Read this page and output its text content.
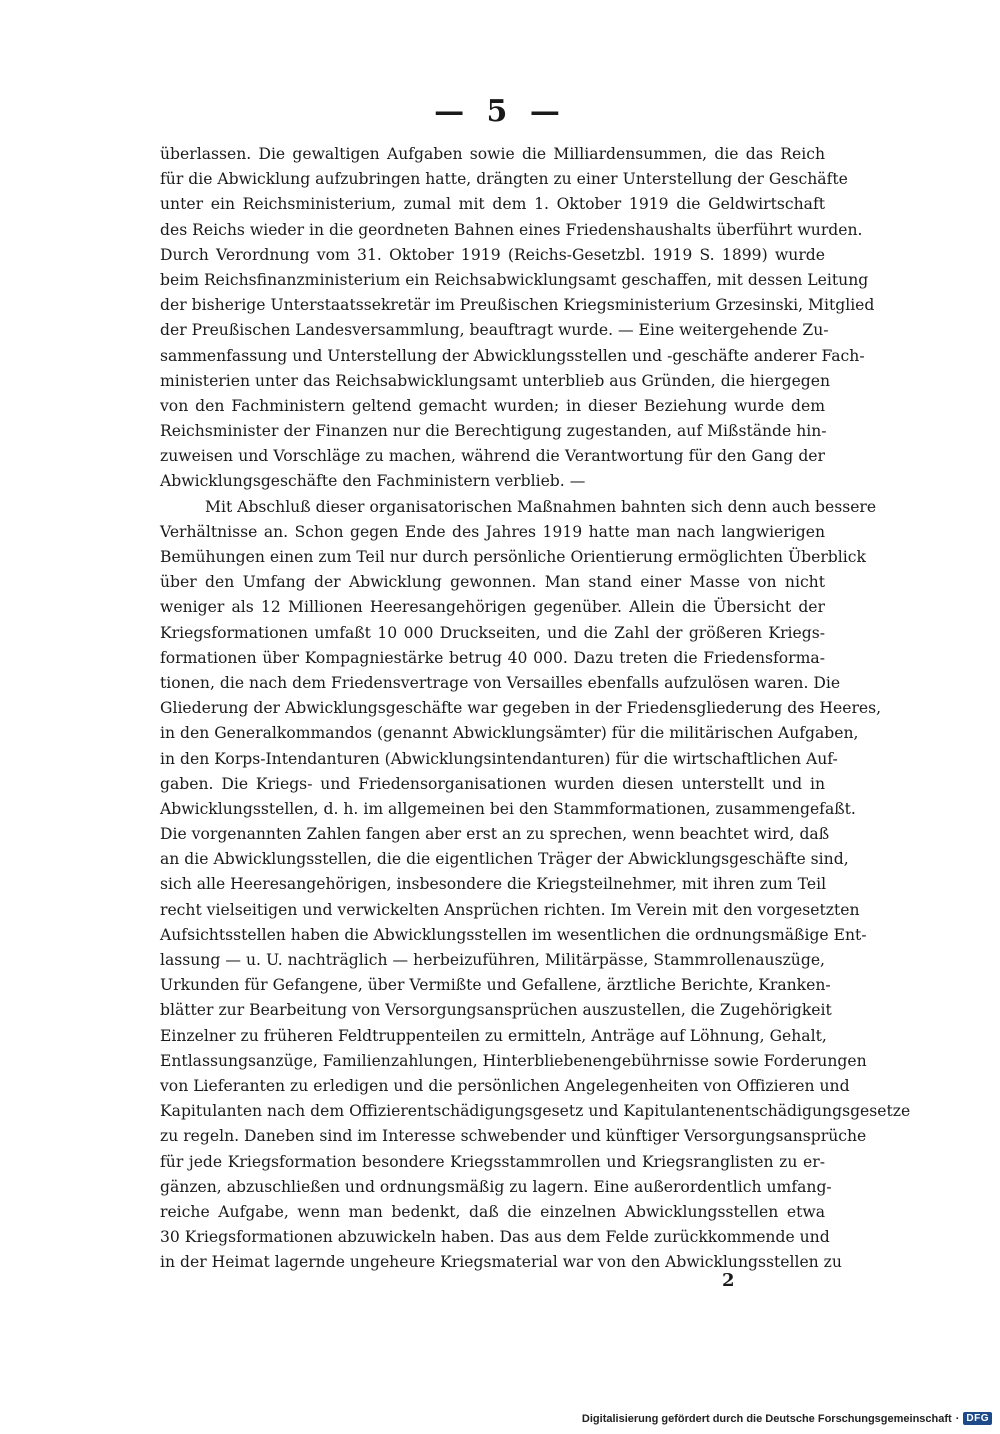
— 5 —
überlassen. Die gewaltigen Aufgaben sowie die Milliardensummen, die das Reich
für die Abwicklung aufzubringen hatte, drängten zu einer Unterstellung der Geschäfte
unter ein Reichsministerium, zumal mit dem 1. Oktober 1919 die Geldwirtschaft
des Reichs wieder in die geordneten Bahnen eines Friedenshaushalts überführt wurden.
Durch Verordnung vom 31. Oktober 1919 (Reichs-Gesetzbl. 1919 S. 1899) wurde
beim Reichsfinanzministerium ein Reichsabwicklungsamt geschaffen, mit dessen Leitung
der bisherige Unterstaatssekretär im Preußischen Kriegsministerium Grzesinski, Mitglied
der Preußischen Landesversammlung, beauftragt wurde. — Eine weitergehende Zu-
sammenfassung und Unterstellung der Abwicklungsstellen und -geschäfte anderer Fach-
ministerien unter das Reichsabwicklungsamt unterblieb aus Gründen, die hiergegen
von den Fachministern geltend gemacht wurden; in dieser Beziehung wurde dem
Reichsminister der Finanzen nur die Berechtigung zugestanden, auf Mißstände hin-
zuweisen und Vorschläge zu machen, während die Verantwortung für den Gang der
Abwicklungsgeschäfte den Fachministern verblieb. —
Mit Abschluß dieser organisatorischen Maßnahmen bahnten sich denn auch bessere
Verhältnisse an. Schon gegen Ende des Jahres 1919 hatte man nach langwierigen
Bemühungen einen zum Teil nur durch persönliche Orientierung ermöglichten Überblick
über den Umfang der Abwicklung gewonnen. Man stand einer Masse von nicht
weniger als 12 Millionen Heeresangehörigen gegenüber. Allein die Übersicht der
Kriegsformationen umfaßt 10 000 Druckseiten, und die Zahl der größeren Kriegs-
formationen über Kompagniestärke betrug 40 000. Dazu treten die Friedensforma-
tionen, die nach dem Friedensvertrage von Versailles ebenfalls aufzulösen waren. Die
Gliederung der Abwicklungsgeschäfte war gegeben in der Friedensgliederung des Heeres,
in den Generalkommandos (genannt Abwicklungsämter) für die militärischen Aufgaben,
in den Korps-Intendanturen (Abwicklungsintendanturen) für die wirtschaftlichen Auf-
gaben. Die Kriegs- und Friedensorganisationen wurden diesen unterstellt und in
Abwicklungsstellen, d. h. im allgemeinen bei den Stammformationen, zusammengefaßt.
Die vorgenannten Zahlen fangen aber erst an zu sprechen, wenn beachtet wird, daß
an die Abwicklungsstellen, die die eigentlichen Träger der Abwicklungsgeschäfte sind,
sich alle Heeresangehörigen, insbesondere die Kriegsteilnehmer, mit ihren zum Teil
recht vielseitigen und verwickelten Ansprüchen richten. Im Verein mit den vorgesetzten
Aufsichtsstellen haben die Abwicklungsstellen im wesentlichen die ordnungsmäßige Ent-
lassung — u. U. nachträglich — herbeizuführen, Militärpässe, Stammrollenauszüge,
Urkunden für Gefangene, über Vermißte und Gefallene, ärztliche Berichte, Kranken-
blätter zur Bearbeitung von Versorgungsansprüchen auszustellen, die Zugehörigkeit
Einzelner zu früheren Feldtruppenteilen zu ermitteln, Anträge auf Löhnung, Gehalt,
Entlassungsanzüge, Familienzahlungen, Hinterbliebenengebührnisse sowie Forderungen
von Lieferanten zu erledigen und die persönlichen Angelegenheiten von Offizieren und
Kapitulanten nach dem Offizierentschädigungsgesetz und Kapitulantenentschädigungsgesetze
zu regeln. Daneben sind im Interesse schwebender und künftiger Versorgungsansprüche
für jede Kriegsformation besondere Kriegsstammrollen und Kriegsranglisten zu er-
gänzen, abzuschließen und ordnungsmäßig zu lagern. Eine außerordentlich umfang-
reiche Aufgabe, wenn man bedenkt, daß die einzelnen Abwicklungsstellen etwa
30 Kriegsformationen abzuwickeln haben. Das aus dem Felde zurückkommende und
in der Heimat lagernde ungeheure Kriegsmaterial war von den Abwicklungsstellen zu
2
Digitalisierung gefördert durch die Deutsche Forschungsgemeinschaft · DFG
